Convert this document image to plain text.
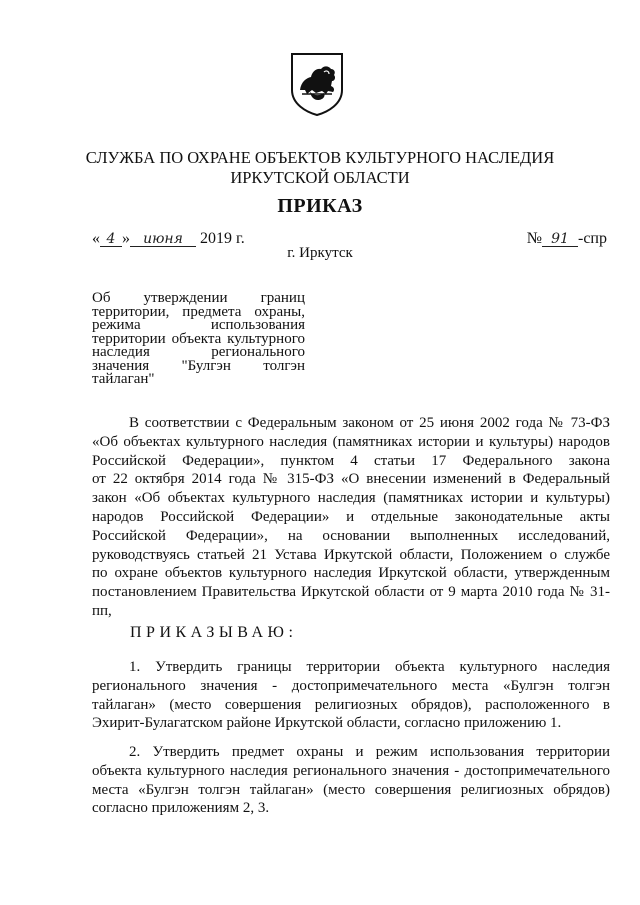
СЛУЖБА ПО ОХРАНЕ ОБЪЕКТОВ КУЛЬТУРНОГО НАСЛЕДИЯ
ИРКУТСКОЙ ОБЛАСТИ
ПРИКАЗ
« 4 » июня 2019 г.	№ 91 -спр
г. Иркутск
Об утверждении границ
территории, предмета охраны,
режима использования
территории объекта культурного
наследия регионального
значения "Булгэн толгэн
тайлаган"
В соответствии с Федеральным законом от 25 июня 2002 года № 73-ФЗ
«Об объектах культурного наследия (памятниках истории и культуры) народов
Российской Федерации», пунктом 4 статьи 17 Федерального закона
от 22 октября 2014 года № 315-ФЗ «О внесении изменений в Федеральный
закон «Об объектах культурного наследия (памятниках истории и культуры)
народов Российской Федерации» и отдельные законодательные акты
Российской Федерации», на основании выполненных исследований,
руководствуясь статьей 21 Устава Иркутской области, Положением о службе
по охране объектов культурного наследия Иркутской области, утвержденным
постановлением Правительства Иркутской области от 9 марта 2010 года № 31-
пп,
ПРИКАЗЫВАЮ:
1. Утвердить границы территории объекта культурного наследия
регионального значения - достопримечательного места «Булгэн толгэн
тайлаган» (место совершения религиозных обрядов), расположенного в
Эхирит-Булагатском районе Иркутской области, согласно приложению 1.
2. Утвердить предмет охраны и режим использования территории
объекта культурного наследия регионального значения - достопримечательного
места «Булгэн толгэн тайлаган» (место совершения религиозных обрядов)
согласно приложениям 2, 3.
